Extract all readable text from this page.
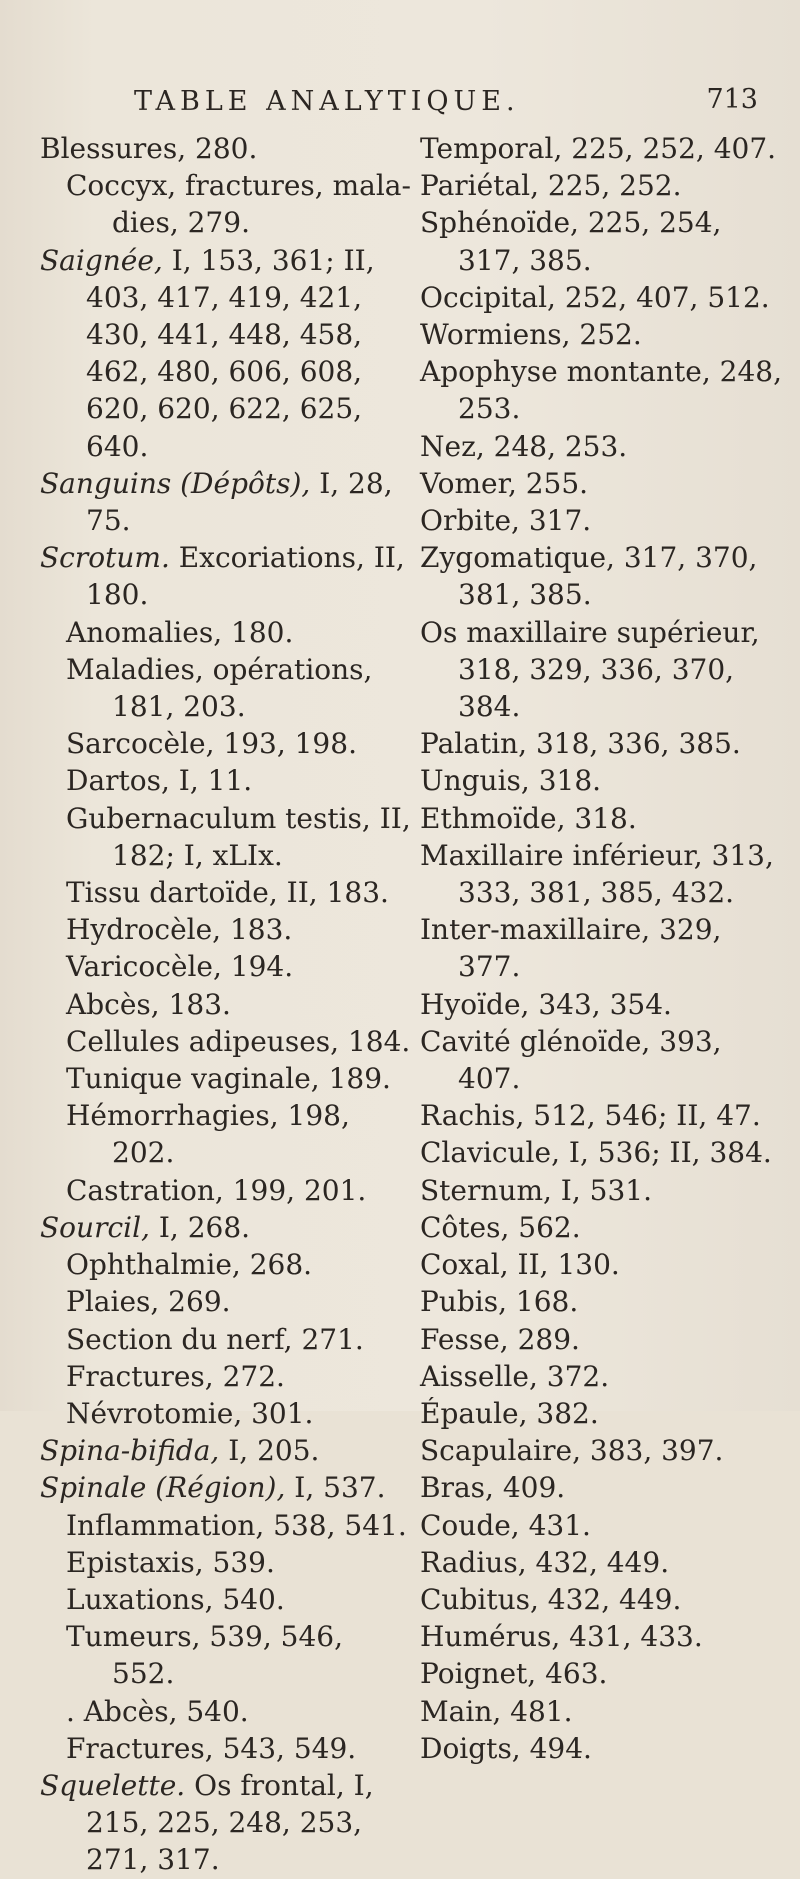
TABLE ANALYTIQUE.	713
Blessures, 280.
Coccyx, fractures, mala-dies, 279.
Saignée, I, 153, 361; II, 403, 417, 419, 421, 430, 441, 448, 458, 462, 480, 606, 608, 620, 620, 622, 625, 640.
Sanguins (Dépôts), I, 28, 75.
Scrotum. Excoriations, II, 180.
Anomalies, 180.
Maladies, opérations, 181, 203.
Sarcocèle, 193, 198.
Dartos, I, 11.
Gubernaculum testis, II, 182; I, xLIx.
Tissu dartoïde, II, 183.
Hydrocèle, 183.
Varicocèle, 194.
Abcès, 183.
Cellules adipeuses, 184.
Tunique vaginale, 189.
Hémorrhagies, 198, 202.
Castration, 199, 201.
Sourcil, I, 268.
Ophthalmie, 268.
Plaies, 269.
Section du nerf, 271.
Fractures, 272.
Névrotomie, 301.
Spina-bifida, I, 205.
Spinale (Région), I, 537.
Inflammation, 538, 541.
Epistaxis, 539.
Luxations, 540.
Tumeurs, 539, 546, 552.
. Abcès, 540.
Fractures, 543, 549.
Squelette. Os frontal, I, 215, 225, 248, 253, 271, 317.
Temporal, 225, 252, 407.
Pariétal, 225, 252.
Sphénoïde, 225, 254, 317, 385.
Occipital, 252, 407, 512.
Wormiens, 252.
Apophyse montante, 248, 253.
Nez, 248, 253.
Vomer, 255.
Orbite, 317.
Zygomatique, 317, 370, 381, 385.
Os maxillaire supérieur, 318, 329, 336, 370, 384.
Palatin, 318, 336, 385.
Unguis, 318.
Ethmoïde, 318.
Maxillaire inférieur, 313, 333, 381, 385, 432.
Inter-maxillaire, 329, 377.
Hyoïde, 343, 354.
Cavité glénoïde, 393, 407.
Rachis, 512, 546; II, 47.
Clavicule, I, 536; II, 384.
Sternum, I, 531.
Côtes, 562.
Coxal, II, 130.
Pubis, 168.
Fesse, 289.
Aisselle, 372.
Épaule, 382.
Scapulaire, 383, 397.
Bras, 409.
Coude, 431.
Radius, 432, 449.
Cubitus, 432, 449.
Humérus, 431, 433.
Poignet, 463.
Main, 481.
Doigts, 494.
